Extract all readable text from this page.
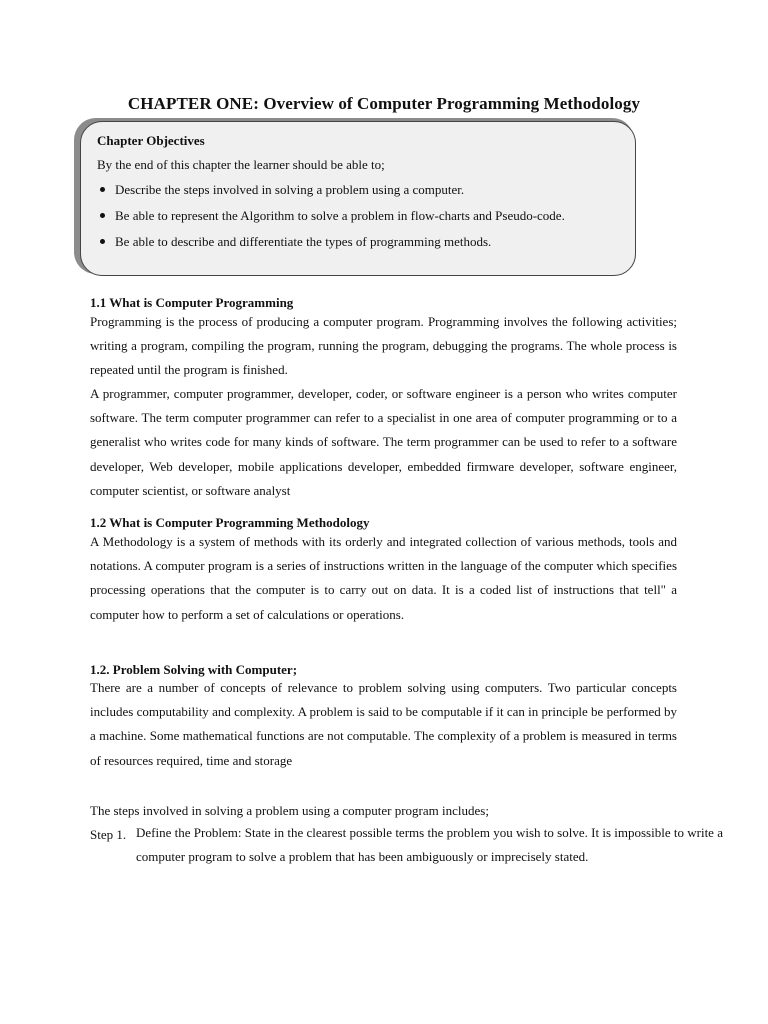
CHAPTER ONE: Overview of Computer Programming Methodology
Chapter Objectives
By the end of this chapter the learner should be able to;
Describe the steps involved in solving a problem using a computer.
Be able to represent the Algorithm to solve a problem in flow-charts and Pseudo-code.
Be able to describe and differentiate the types of programming methods.
1.1 What is Computer Programming
Programming is the process of producing a computer program. Programming involves the following activities; writing a program, compiling the program, running the program, debugging the programs. The whole process is repeated until the program is finished.
A programmer, computer programmer, developer, coder, or software engineer is a person who writes computer software. The term computer programmer can refer to a specialist in one area of computer programming or to a generalist who writes code for many kinds of software. The term programmer can be used to refer to a software developer, Web developer, mobile applications developer, embedded firmware developer, software engineer, computer scientist, or software analyst
1.2 What is Computer Programming Methodology
A Methodology is a system of methods with its orderly and integrated collection of various methods, tools and notations. A computer program is a series of instructions written in the language of the computer which specifies processing operations that the computer is to carry out on data. It is a coded list of instructions that tell" a computer how to perform a set of calculations or operations.
1.2. Problem Solving with Computer;
There are a number of concepts of relevance to problem solving using computers. Two particular concepts includes computability and complexity. A problem is said to be computable if it can in principle be performed by a machine. Some mathematical functions are not computable. The complexity of a problem is measured in terms of resources required, time and storage
The steps involved in solving a problem using a computer program includes;
Step 1. Define the Problem: State in the clearest possible terms the problem you wish to solve. It is impossible to write a computer program to solve a problem that has been ambiguously or imprecisely stated.
